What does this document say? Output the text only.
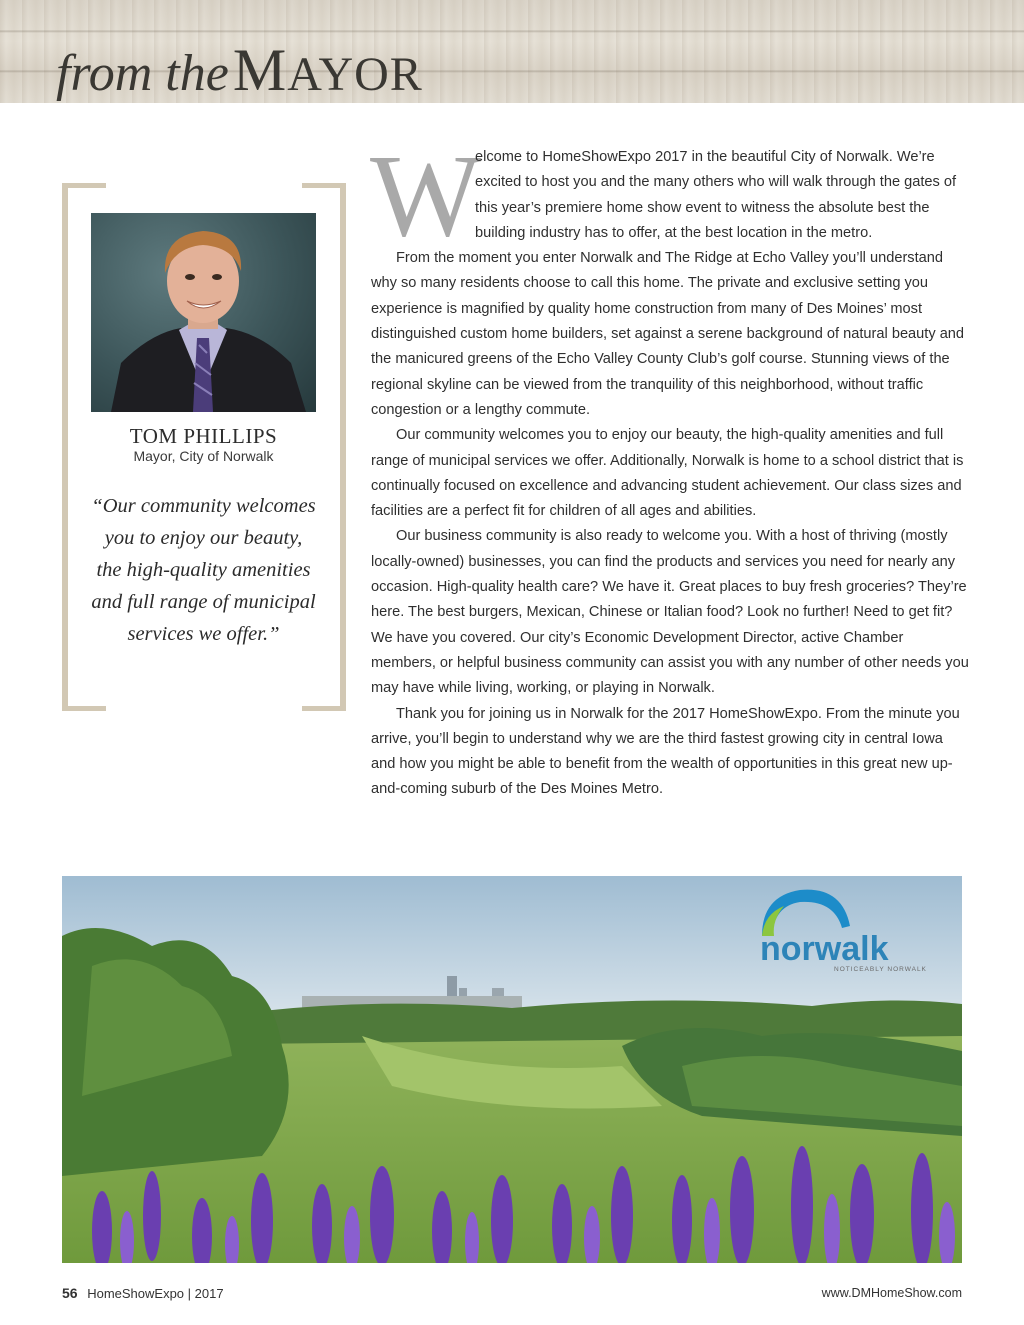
from the MAYOR
TOM PHILLIPS
Mayor, City of Norwalk
“Our community welcomes you to enjoy our beauty, the high-quality amenities and full range of municipal services we offer.”
W

elcome to HomeShowExpo 2017 in the beautiful City of Norwalk. We’re excited to host you and the many others who will walk through the gates of this year’s premiere home show event to witness the absolute best the building industry has to offer, at the best location in the metro.

From the moment you enter Norwalk and The Ridge at Echo Valley you’ll understand why so many residents choose to call this home. The private and exclusive setting you experience is magnified by quality home construction from many of Des Moines’ most distinguished custom home builders, set against a serene background of natural beauty and the manicured greens of the Echo Valley County Club’s golf course. Stunning views of the regional skyline can be viewed from the tranquility of this neighborhood, without traffic congestion or a lengthy commute.

Our community welcomes you to enjoy our beauty, the high-quality amenities and full range of municipal services we offer. Additionally, Norwalk is home to a school district that is continually focused on excellence and advancing student achievement. Our class sizes and facilities are a perfect fit for children of all ages and abilities.

Our business community is also ready to welcome you. With a host of thriving (mostly locally-owned) businesses, you can find the products and services you need for nearly any occasion. High-quality health care? We have it. Great places to buy fresh groceries? They’re here. The best burgers, Mexican, Chinese or Italian food? Look no further! Need to get fit? We have you covered. Our city’s Economic Development Director, active Chamber members, or helpful business community can assist you with any number of other needs you may have while living, working, or playing in Norwalk.

Thank you for joining us in Norwalk for the 2017 HomeShowExpo. From the minute you arrive, you’ll begin to understand why we are the third fastest growing city in central Iowa and how you might be able to benefit from the wealth of opportunities in this great new up-and-coming suburb of the Des Moines Metro.

norwalk
NOTICEABLY NORWALK
56 HomeShowExpo | 2017	www.DMHomeShow.com
